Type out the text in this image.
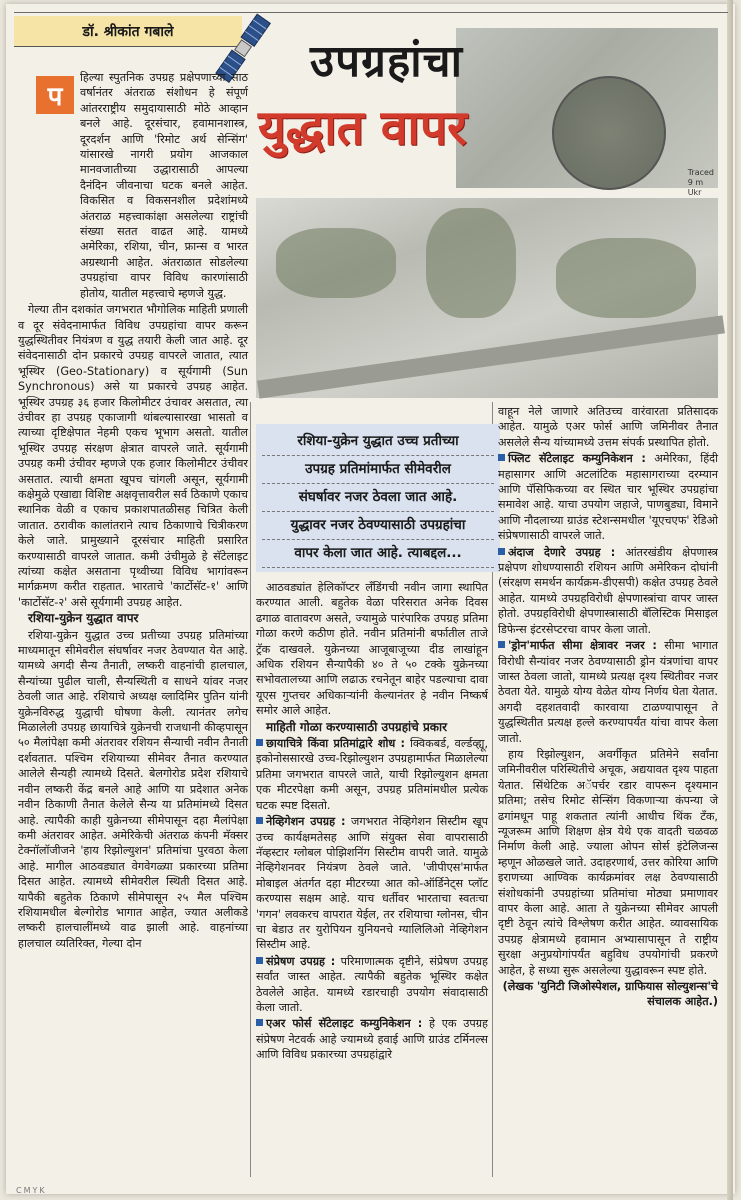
डॉ. श्रीकांत गबाले
Traced
9 m
Ukr
उपग्रहांचा
युद्धात वापर
प

हिल्या स्पुतनिक उपग्रह प्रक्षेपणाच्या साठ वर्षानंतर अंतराळ संशोधन हे संपूर्ण आंतरराष्ट्रीय समुदायासाठी मोठे आव्हान बनले आहे. दूरसंचार, हवामानशास्त्र, दूरदर्शन आणि 'रिमोट अर्थ सेन्सिंग' यांसारखे नागरी प्रयोग आजकाल मानवजातीच्या उद्धारासाठी आपल्या दैनंदिन जीवनाचा घटक बनले आहेत. विकसित व विकसनशील प्रदेशांमध्ये अंतराळ महत्त्वाकांक्षा असलेल्या राष्ट्रांची संख्या सतत वाढत आहे. यामध्ये अमेरिका, रशिया, चीन, फ्रान्स व भारत अग्रस्थानी आहेत. अंतराळात सोडलेल्या उपग्रहांचा वापर विविध कारणांसाठी होतोय, यातील महत्त्वाचे म्हणजे युद्ध.

गेल्या तीन दशकांत जगभरात भौगोलिक माहिती प्रणाली व दूर संवेदनामार्फत विविध उपग्रहांचा वापर करून युद्धस्थितीवर नियंत्रण व युद्ध तयारी केली जात आहे. दूर संवेदनासाठी दोन प्रकारचे उपग्रह वापरले जातात, त्यात भूस्थिर (Geo-Stationary) व सूर्यगामी (Sun Synchronous) असे या प्रकारचे उपग्रह आहेत. भूस्थिर उपग्रह ३६ हजार किलोमीटर उंचावर असतात, त्या उंचीवर हा उपग्रह एकाजागी थांबल्यासारखा भासतो व त्याच्या दृष्टिक्षेपात नेहमी एकच भूभाग असतो. यातील भूस्थिर उपग्रह संरक्षण क्षेत्रात वापरले जाते. सूर्यगामी उपग्रह कमी उंचीवर म्हणजे एक हजार किलोमीटर उंचीवर असतात. त्याची क्षमता खूपच चांगली असून, सूर्यगामी कक्षेमुळे एखाद्या विशिष्ट अक्षवृत्तावरील सर्व ठिकाणे एकाच स्थानिक वेळी व एकाच प्रकाशपातळीसह चित्रित केली जातात. ठरावीक कालांतराने त्याच ठिकाणाचे चित्रीकरण केले जाते. प्रामुख्याने दूरसंचार माहिती प्रसारित करण्यासाठी वापरले जातात. कमी उंचीमुळे हे सॅटेलाइट त्यांच्या कक्षेत असताना पृथ्वीच्या विविध भागांवरून मार्गक्रमण करीत राहतात. भारताचे 'कार्टोसॅट-१' आणि 'कार्टोसॅट-२' असे सूर्यगामी उपग्रह आहेत.

रशिया-युक्रेन युद्धात वापर

रशिया-युक्रेन युद्धात उच्च प्रतीच्या उपग्रह प्रतिमांच्या माध्यमातून सीमेवरील संघर्षावर नजर ठेवण्यात येत आहे. यामध्ये अगदी सैन्य तैनाती, लष्करी वाहनांची हालचाल, सैन्यांच्या पुढील चाली, सैन्यस्थिती व साधने यांवर नजर ठेवली जात आहे. रशियाचे अध्यक्ष व्लादिमिर पुतिन यांनी युक्रेनविरुद्ध युद्धाची घोषणा केली. त्यानंतर लगेच मिळालेली उपग्रह छायाचित्रे युक्रेनची राजधानी कीव्हपासून ५० मैलांपेक्षा कमी अंतरावर रशियन सैन्याची नवीन तैनाती दर्शवतात. पश्चिम रशियाच्या सीमेवर तैनात करण्यात आलेले सैन्यही त्यामध्ये दिसते. बेलगोरोड प्रदेश रशियाचे नवीन लष्करी केंद्र बनले आहे आणि या प्रदेशात अनेक नवीन ठिकाणी तैनात केलेले सैन्य या प्रतिमांमध्ये दिसत आहे. त्यापैकी काही युक्रेनच्या सीमेपासून दहा मैलांपेक्षा कमी अंतरावर आहेत. अमेरिकेची अंतराळ कंपनी मॅक्सर टेक्नॉलॉजीजने 'हाय रिझोल्युशन' प्रतिमांचा पुरवठा केला आहे. मागील आठवड्यात वेगवेगळ्या प्रकारच्या प्रतिमा दिसत आहेत. त्यामध्ये सीमेवरील स्थिती दिसत आहे. यापैकी बहुतेक ठिकाणे सीमेपासून २५ मैल पश्चिम रशियामधील बेल्गोरोड भागात आहेत, ज्यात अलीकडे लष्करी हालचालींमध्ये वाढ झाली आहे. वाहनांच्या हालचाल व्यतिरिक्त, गेल्या दोन

रशिया-युक्रेन युद्धात उच्च प्रतीच्या
उपग्रह प्रतिमांमार्फत सीमेवरील
संघर्षावर नजर ठेवला जात आहे.
युद्धावर नजर ठेवण्यासाठी उपग्रहांचा
वापर केला जात आहे. त्याबद्दल...

आठवड्यांत हेलिकॉप्टर लँडिंगची नवीन जागा स्थापित करण्यात आली. बहुतेक वेळा परिसरात अनेक दिवस ढगाळ वातावरण असते, ज्यामुळे पारंपारिक उपग्रह प्रतिमा गोळा करणे कठीण होते. नवीन प्रतिमांनी बर्फातील ताजे ट्रॅक दाखवले. युक्रेनच्या आजूबाजूच्या दीड लाखांहून अधिक रशियन सैन्यापैकी ४० ते ५० टक्के युक्रेनच्या सभोवतालच्या आणि लढाऊ रचनेतून बाहेर पडल्याचा दावा यूएस गुप्तचर अधिकाऱ्यांनी केल्यानंतर हे नवीन निष्कर्ष समोर आले आहेत.

माहिती गोळा करण्यासाठी उपग्रहांचे प्रकार

छायाचित्रे किंवा प्रतिमांद्वारे शोध : क्विकबर्ड, वर्ल्डव्ह्यू, इकोनोससारखे उच्च-रिझोल्युशन उपग्रहामार्फत मिळालेल्या प्रतिमा जगभरात वापरले जाते, याची रिझोल्युशन क्षमता एक मीटरपेक्षा कमी असून, उपग्रह प्रतिमांमधील प्रत्येक घटक स्पष्ट दिसतो.

नेव्हिगेशन उपग्रह : जगभरात नेव्हिगेशन सिस्टीम खूप उच्च कार्यक्षमतेसह आणि संयुक्त सेवा वापरासाठी नॅव्हस्टार ग्लोबल पोझिशनिंग सिस्टीम वापरी जाते. यामुळे नेव्हिगेशनवर नियंत्रण ठेवले जाते. 'जीपीएस'मार्फत मोबाइल अंतर्गत दहा मीटरच्या आत को-ऑर्डिनेट्स प्लॉट करण्यास सक्षम आहे. याच धर्तीवर भारताचा स्वतःचा 'गगन' लवकरच वापरात येईल, तर रशियाचा ग्लोनस, चीन चा बेडाउ तर युरोपियन युनियनचे ग्यालिलिओ नेव्हिगेशन सिस्टीम आहे.

संप्रेषण उपग्रह : परिमाणात्मक दृष्टीने, संप्रेषण उपग्रह सर्वांत जास्त आहेत. त्यापैकी बहुतेक भूस्थिर कक्षेत ठेवलेले आहेत. यामध्ये रडारचाही उपयोग संवादासाठी केला जातो.

एअर फोर्स सॅटेलाइट कम्युनिकेशन : हे एक उपग्रह संप्रेषण नेटवर्क आहे ज्यामध्ये हवाई आणि ग्राउंड टर्मिनल्स आणि विविध प्रकारच्या उपग्रहांद्वारे

वाहून नेले जाणारे अतिउच्च वारंवारता प्रतिसादक आहेत. यामुळे एअर फोर्स आणि जमिनीवर तैनात असलेले सैन्य यांच्यामध्ये उत्तम संपर्क प्रस्थापित होतो.

फ्लिट सॅटेलाइट कम्युनिकेशन : अमेरिका, हिंदी महासागर आणि अटलांटिक महासागराच्या दरम्यान आणि पॅसिफिकच्या वर स्थित चार भूस्थिर उपग्रहांचा समावेश आहे. याचा उपयोग जहाजे, पाणबुड्या, विमाने आणि नौदलाच्या ग्राउंड स्टेशन्समधील 'यूएचएफ' रेडिओ संप्रेषणासाठी वापरले जाते.

अंदाज देणारे उपग्रह : आंतरखंडीय क्षेपणास्त्र प्रक्षेपण शोधण्यासाठी रशियन आणि अमेरिकन दोघांनी (संरक्षण समर्थन कार्यक्रम-डीएसपी) कक्षेत उपग्रह ठेवले आहेत. यामध्ये उपग्रहविरोधी क्षेपणास्त्रांचा वापर जास्त होतो. उपग्रहविरोधी क्षेपणास्त्रासाठी बॅलिस्टिक मिसाइल डिफेन्स इंटरसेप्टरचा वापर केला जातो.

'ड्रोन'मार्फत सीमा क्षेत्रावर नजर : सीमा भागात विरोधी सैन्यांवर नजर ठेवण्यासाठी ड्रोन यंत्रणांचा वापर जास्त ठेवला जातो, यामध्ये प्रत्यक्ष दृश्य स्थितीवर नजर ठेवता येते. यामुळे योग्य वेळेत योग्य निर्णय घेता येतात. अगदी दहशतवादी कारवाया टाळण्यापासून ते युद्धस्थितीत प्रत्यक्ष हल्ले करण्यापर्यंत यांचा वापर केला जातो.

हाय रिझोल्युशन, अवर्गीकृत प्रतिमेने सर्वांना जमिनीवरील परिस्थितीचे अचूक, अद्ययावत दृश्य पाहता येतात. सिंथेटिक अॅपर्चर रडार वापरून दृश्यमान प्रतिमा; तसेच रिमोट सेन्सिंग विकणाऱ्या कंपन्या जे ढगांमधून पाहू शकतात त्यांनी आधीच थिंक टँक, न्यूजरूम आणि शिक्षण क्षेत्र येथे एक वादती चळवळ निर्माण केली आहे. ज्याला ओपन सोर्स इंटेलिजन्स म्हणून ओळखले जाते. उदाहरणार्थ, उत्तर कोरिया आणि इराणच्या आण्विक कार्यक्रमांवर लक्ष ठेवण्यासाठी संशोधकांनी उपग्रहांच्या प्रतिमांचा मोठ्या प्रमाणावर वापर केला आहे. आता ते युक्रेनच्या सीमेवर आपली दृष्टी ठेवून त्यांचे विश्लेषण करीत आहेत. व्यावसायिक उपग्रह क्षेत्रामध्ये हवामान अभ्यासापासून ते राष्ट्रीय सुरक्षा अनुप्रयोगांपर्यंत बहुविध उपयोगांची प्रकरणे आहेत, हे सध्या सुरू असलेल्या युद्धावरून स्पष्ट होते.

(लेखक 'युनिटी जिओस्पेशल, ग्राफियास सोल्युशन्स'चे संचालक आहेत.)

CMYK
